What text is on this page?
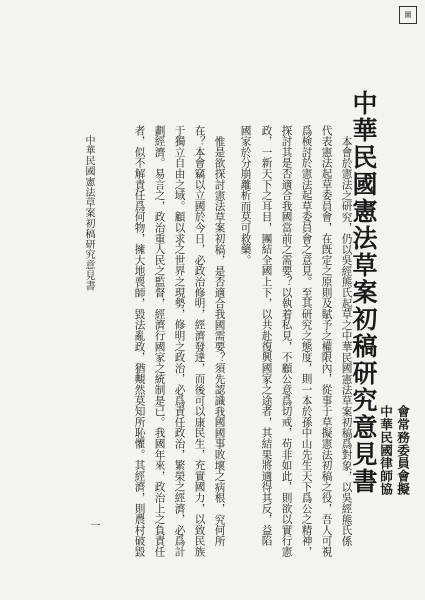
圖
中華民國律師協 會常務委員會擬
中華民國憲法草案初稿研究意見書
本會於憲法之研究，仍以吳經熊氏起草之中華民國憲法草案初稿爲對象，以吳經熊氏係
代表憲法起草委員會，在旣定之原則及賦予之權限內，從事于草擬憲法初稿之役，吾人可視
爲検討於憲法起草委員會之意見。至其研究之態度，則一本於孫中山先生天下爲公之精神，
探討其是否適合我國當前之需要？以執着私見，不顧公意爲切戒，苟非如此，則欲以實行憲
政，一新天下之耳目，團結全國上下，以共赴復興國家之途者，其結果將適得其反，益陷
國家於分崩離析而莫可救藥。
惟是欲探討憲法草案初稿，是否適合我國需要？須先認識我國國事敗壞之病根，究何所
在？本會竊以立國於今日，必政治修明，經濟發達，而後可以康民生，充實國力，以致民族
于獨立自由之域。顧以求之世界之現勢，修明之政治，必爲責任政治，繁榮之經濟，必爲計
劃經濟。易言之，政治重人民之監督，經濟行國家之統制是已。我國年來，政治上之負責任
者，似不解責任爲何物，擁大地喪師，毀法亂政，猶覥然莫知所恥懼。其經濟，則農村破毀
中華民國憲法草案初稿研究意見書
一
